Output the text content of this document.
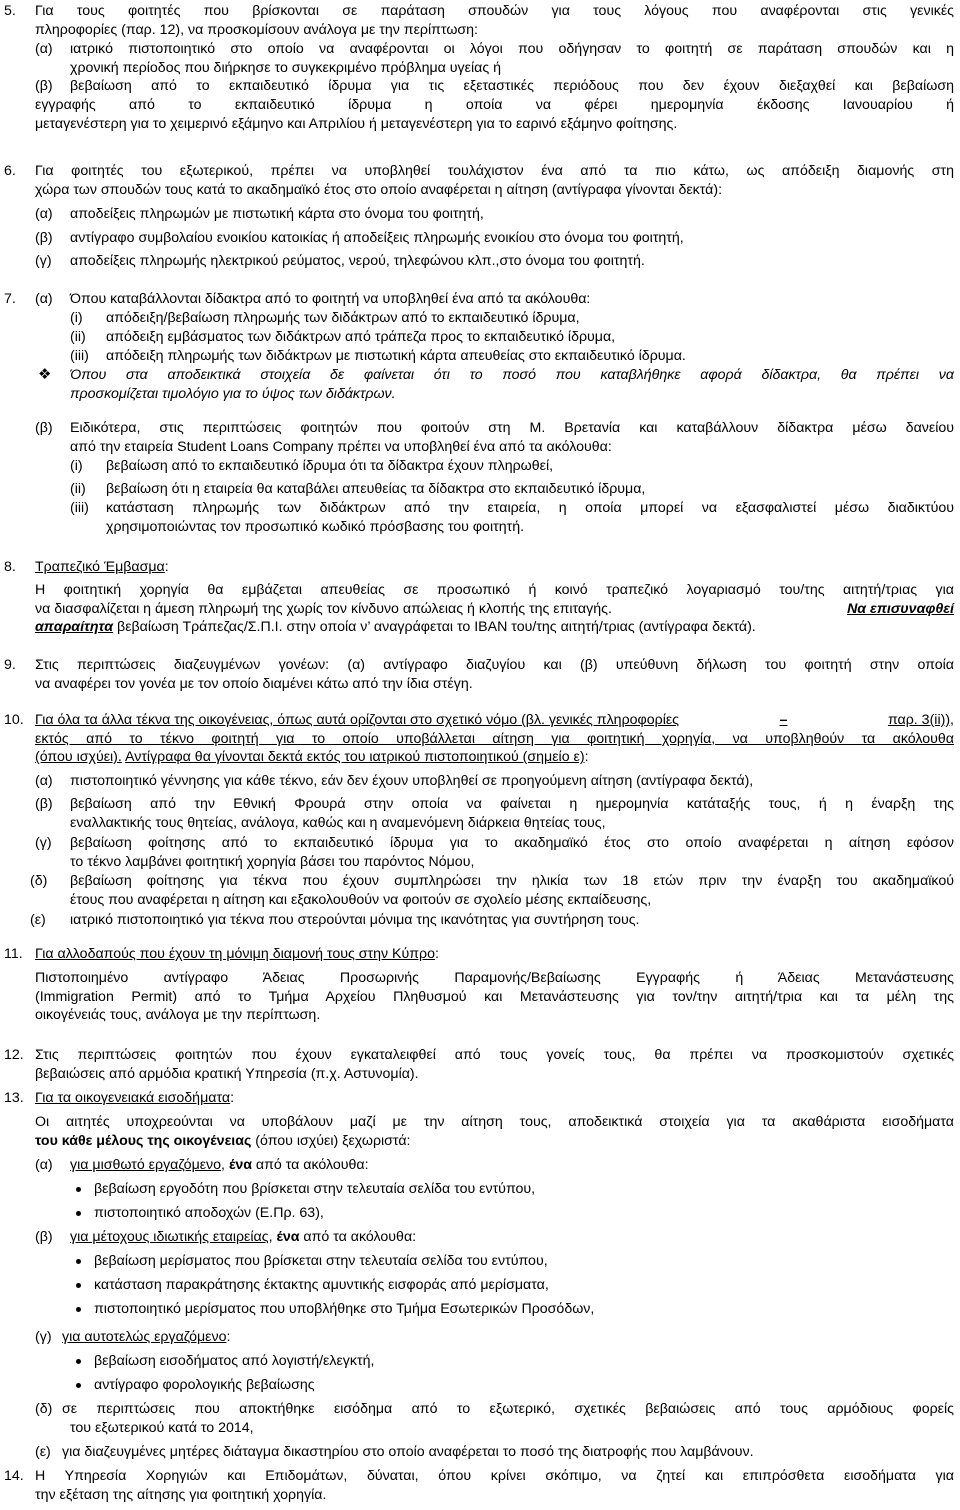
5. Για τους φοιτητές που βρίσκονται σε παράταση σπουδών για τους λόγους που αναφέρονται στις γενικές
πληροφορίες (παρ. 12), να προσκομίσουν ανάλογα με την περίπτωση:
(α) ιατρικό πιστοποιητικό στο οποίο να αναφέρονται οι λόγοι που οδήγησαν το φοιτητή σε παράταση σπουδών και η
χρονική περίοδος που διήρκησε το συγκεκριμένο πρόβλημα υγείας ή
(β) βεβαίωση από το εκπαιδευτικό ίδρυμα για τις εξεταστικές περιόδους που δεν έχουν διεξαχθεί και βεβαίωση
εγγραφής από το εκπαιδευτικό ίδρυμα η οποία να φέρει ημερομηνία έκδοσης Ιανουαρίου ή
μεταγενέστερη για το χειμερινό εξάμηνο και Απριλίου ή μεταγενέστερη για το εαρινό εξάμηνο φοίτησης.
6. Για φοιτητές του εξωτερικού, πρέπει να υποβληθεί τουλάχιστον ένα από τα πιο κάτω, ως απόδειξη διαμονής στη
χώρα των σπουδών τους κατά το ακαδημαϊκό έτος στο οποίο αναφέρεται η αίτηση (αντίγραφα γίνονται δεκτά):
(α) αποδείξεις πληρωμών με πιστωτική κάρτα στο όνομα του φοιτητή,
(β) αντίγραφο συμβολαίου ενοικίου κατοικίας ή αποδείξεις πληρωμής ενοικίου στο όνομα του φοιτητή,
(γ) αποδείξεις πληρωμής ηλεκτρικού ρεύματος, νερού, τηλεφώνου κλπ.,στο όνομα του φοιτητή.
7. (α) Όπου καταβάλλονται δίδακτρα από το φοιτητή να υποβληθεί ένα από τα ακόλουθα:
(i) απόδειξη/βεβαίωση πληρωμής των διδάκτρων από το εκπαιδευτικό ίδρυμα,
(ii) απόδειξη εμβάσματος των διδάκτρων από τράπεζα προς το εκπαιδευτικό ίδρυμα,
(iii) απόδειξη πληρωμής των διδάκτρων με πιστωτική κάρτα απευθείας στο εκπαιδευτικό ίδρυμα.
❖ Όπου στα αποδεικτικά στοιχεία δε φαίνεται ότι το ποσό που καταβλήθηκε αφορά δίδακτρα, θα πρέπει να
προσκομίζεται τιμολόγιο για το ύψος των διδάκτρων.
(β) Ειδικότερα, στις περιπτώσεις φοιτητών που φοιτούν στη Μ. Βρετανία και καταβάλλουν δίδακτρα μέσω δανείου
από την εταιρεία Student Loans Company πρέπει να υποβληθεί ένα από τα ακόλουθα:
(i) βεβαίωση από το εκπαιδευτικό ίδρυμα ότι τα δίδακτρα έχουν πληρωθεί,
(ii) βεβαίωση ότι η εταιρεία θα καταβάλει απευθείας τα δίδακτρα στο εκπαιδευτικό ίδρυμα,
(iii) κατάσταση πληρωμής των διδάκτρων από την εταιρεία, η οποία μπορεί να εξασφαλιστεί μέσω διαδικτύου
χρησιμοποιώντας τον προσωπικό κωδικό πρόσβασης του φοιτητή.
8. Τραπεζικό Έμβασμα:
Η φοιτητική χορηγία θα εμβάζεται απευθείας σε προσωπικό ή κοινό τραπεζικό λογαριασμό του/της αιτητή/τριας για
να διασφαλίζεται η άμεση πληρωμή της χωρίς τον κίνδυνο απώλειας ή κλοπής της επιταγής.	Να επισυναφθεί
απαραίτητα βεβαίωση Τράπεζας/Σ.Π.Ι. στην οποία ν’ αναγράφεται το IBAN του/της αιτητή/τριας (αντίγραφα δεκτά).
9. Στις περιπτώσεις διαζευγμένων γονέων: (α) αντίγραφο διαζυγίου και (β) υπεύθυνη δήλωση του φοιτητή στην οποία
να αναφέρει τον γονέα με τον οποίο διαμένει κάτω από την ίδια στέγη.
10. Για όλα τα άλλα τέκνα της οικογένειας, όπως αυτά ορίζονται στο σχετικό νόμο (βλ. γενικές πληροφορίες	–	παρ. 3(ii)),
εκτός από το τέκνο φοιτητή για το οποίο υποβάλλεται αίτηση για φοιτητική χορηγία, να υποβληθούν τα ακόλουθα
(όπου ισχύει). Αντίγραφα θα γίνονται δεκτά εκτός του ιατρικού πιστοποιητικού (σημείο ε):
(α) πιστοποιητικό γέννησης για κάθε τέκνο, εάν δεν έχουν υποβληθεί σε προηγούμενη αίτηση (αντίγραφα δεκτά),
(β) βεβαίωση από την Εθνική Φρουρά στην οποία να φαίνεται η ημερομηνία κατάταξής τους, ή η έναρξη της
εναλλακτικής τους θητείας, ανάλογα, καθώς και η αναμενόμενη διάρκεια θητείας τους,
(γ) βεβαίωση φοίτησης από το εκπαιδευτικό ίδρυμα για το ακαδημαϊκό έτος στο οποίο αναφέρεται η αίτηση εφόσον
το τέκνο λαμβάνει φοιτητική χορηγία βάσει του παρόντος Νόμου,
(δ) βεβαίωση φοίτησης για τέκνα που έχουν συμπληρώσει την ηλικία των 18 ετών πριν την έναρξη του ακαδημαϊκού
έτους που αναφέρεται η αίτηση και εξακολουθούν να φοιτούν σε σχολείο μέσης εκπαίδευσης,
(ε) ιατρικό πιστοποιητικό για τέκνα που στερούνται μόνιμα της ικανότητας για συντήρηση τους.
11. Για αλλοδαπούς που έχουν τη μόνιμη διαμονή τους στην Κύπρο:
Πιστοποιημένο αντίγραφο Άδειας Προσωρινής Παραμονής/Βεβαίωσης Εγγραφής ή Άδειας Μετανάστευσης
(Immigration Permit) από το Τμήμα Αρχείου Πληθυσμού και Μετανάστευσης για τον/την αιτητή/τρια και τα μέλη της
οικογένειάς τους, ανάλογα με την περίπτωση.
12. Στις περιπτώσεις φοιτητών που έχουν εγκαταλειφθεί από τους γονείς τους, θα πρέπει να προσκομιστούν σχετικές
βεβαιώσεις από αρμόδια κρατική Υπηρεσία (π.χ. Αστυνομία).
13. Για τα οικογενειακά εισοδήματα:
Οι αιτητές υποχρεούνται να υποβάλουν μαζί με την αίτηση τους, αποδεικτικά στοιχεία για τα ακαθάριστα εισοδήματα
του κάθε μέλους της οικογένειας (όπου ισχύει) ξεχωριστά:
(α) για μισθωτό εργαζόμενο, ένα από τα ακόλουθα:
βεβαίωση εργοδότη που βρίσκεται στην τελευταία σελίδα του εντύπου,
πιστοποιητικό αποδοχών (Ε.Πρ. 63),
(β) για μέτοχους ιδιωτικής εταιρείας, ένα από τα ακόλουθα:
βεβαίωση μερίσματος που βρίσκεται στην τελευταία σελίδα του εντύπου,
κατάσταση παρακράτησης έκτακτης αμυντικής εισφοράς από μερίσματα,
πιστοποιητικό μερίσματος που υποβλήθηκε στο Τμήμα Εσωτερικών Προσόδων,
(γ) για αυτοτελώς εργαζόμενο:
βεβαίωση εισοδήματος από λογιστή/ελεγκτή,
αντίγραφο φορολογικής βεβαίωσης
(δ) σε περιπτώσεις που αποκτήθηκε εισόδημα από το εξωτερικό, σχετικές βεβαιώσεις από τους αρμόδιους φορείς
του εξωτερικού κατά το 2014,
(ε) για διαζευγμένες μητέρες διάταγμα δικαστηρίου στο οποίο αναφέρεται το ποσό της διατροφής που λαμβάνουν.
14. Η Υπηρεσία Χορηγιών και Επιδομάτων, δύναται, όπου κρίνει σκόπιμο, να ζητεί και επιπρόσθετα εισοδήματα για
την εξέταση της αίτησης για φοιτητική χορηγία.
